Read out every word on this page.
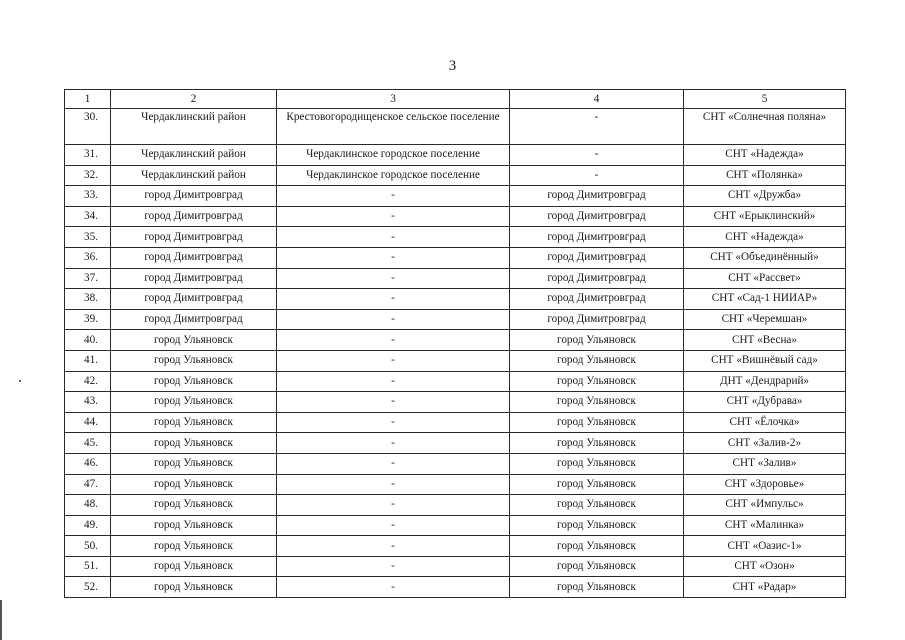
3
1	2	3	4	5
30.	Чердаклинский район	Крестовогородищенское сельское поселение	-	СНТ «Солнечная поляна»
31.	Чердаклинский район	Чердаклинское городское поселение	-	СНТ «Надежда»
32.	Чердаклинский район	Чердаклинское городское поселение	-	СНТ «Полянка»
33.	город Димитровград	-	город Димитровград	СНТ «Дружба»
34.	город Димитровград	-	город Димитровград	СНТ «Ерыклинский»
35.	город Димитровград	-	город Димитровград	СНТ «Надежда»
36.	город Димитровград	-	город Димитровград	СНТ «Объединённый»
37.	город Димитровград	-	город Димитровград	СНТ «Рассвет»
38.	город Димитровград	-	город Димитровград	СНТ «Сад-1 НИИАР»
39.	город Димитровград	-	город Димитровград	СНТ «Черемшан»
40.	город Ульяновск	-	город Ульяновск	СНТ «Весна»
41.	город Ульяновск	-	город Ульяновск	СНТ «Вишнёвый сад»
42.	город Ульяновск	-	город Ульяновск	ДНТ «Дендрарий»
43.	город Ульяновск	-	город Ульяновск	СНТ «Дубрава»
44.	город Ульяновск	-	город Ульяновск	СНТ «Ёлочка»
45.	город Ульяновск	-	город Ульяновск	СНТ «Залив-2»
46.	город Ульяновск	-	город Ульяновск	СНТ «Залив»
47.	город Ульяновск	-	город Ульяновск	СНТ «Здоровье»
48.	город Ульяновск	-	город Ульяновск	СНТ «Импульс»
49.	город Ульяновск	-	город Ульяновск	СНТ «Малинка»
50.	город Ульяновск	-	город Ульяновск	СНТ «Оазис-1»
51.	город Ульяновск	-	город Ульяновск	СНТ «Озон»
52.	город Ульяновск	-	город Ульяновск	СНТ «Радар»
